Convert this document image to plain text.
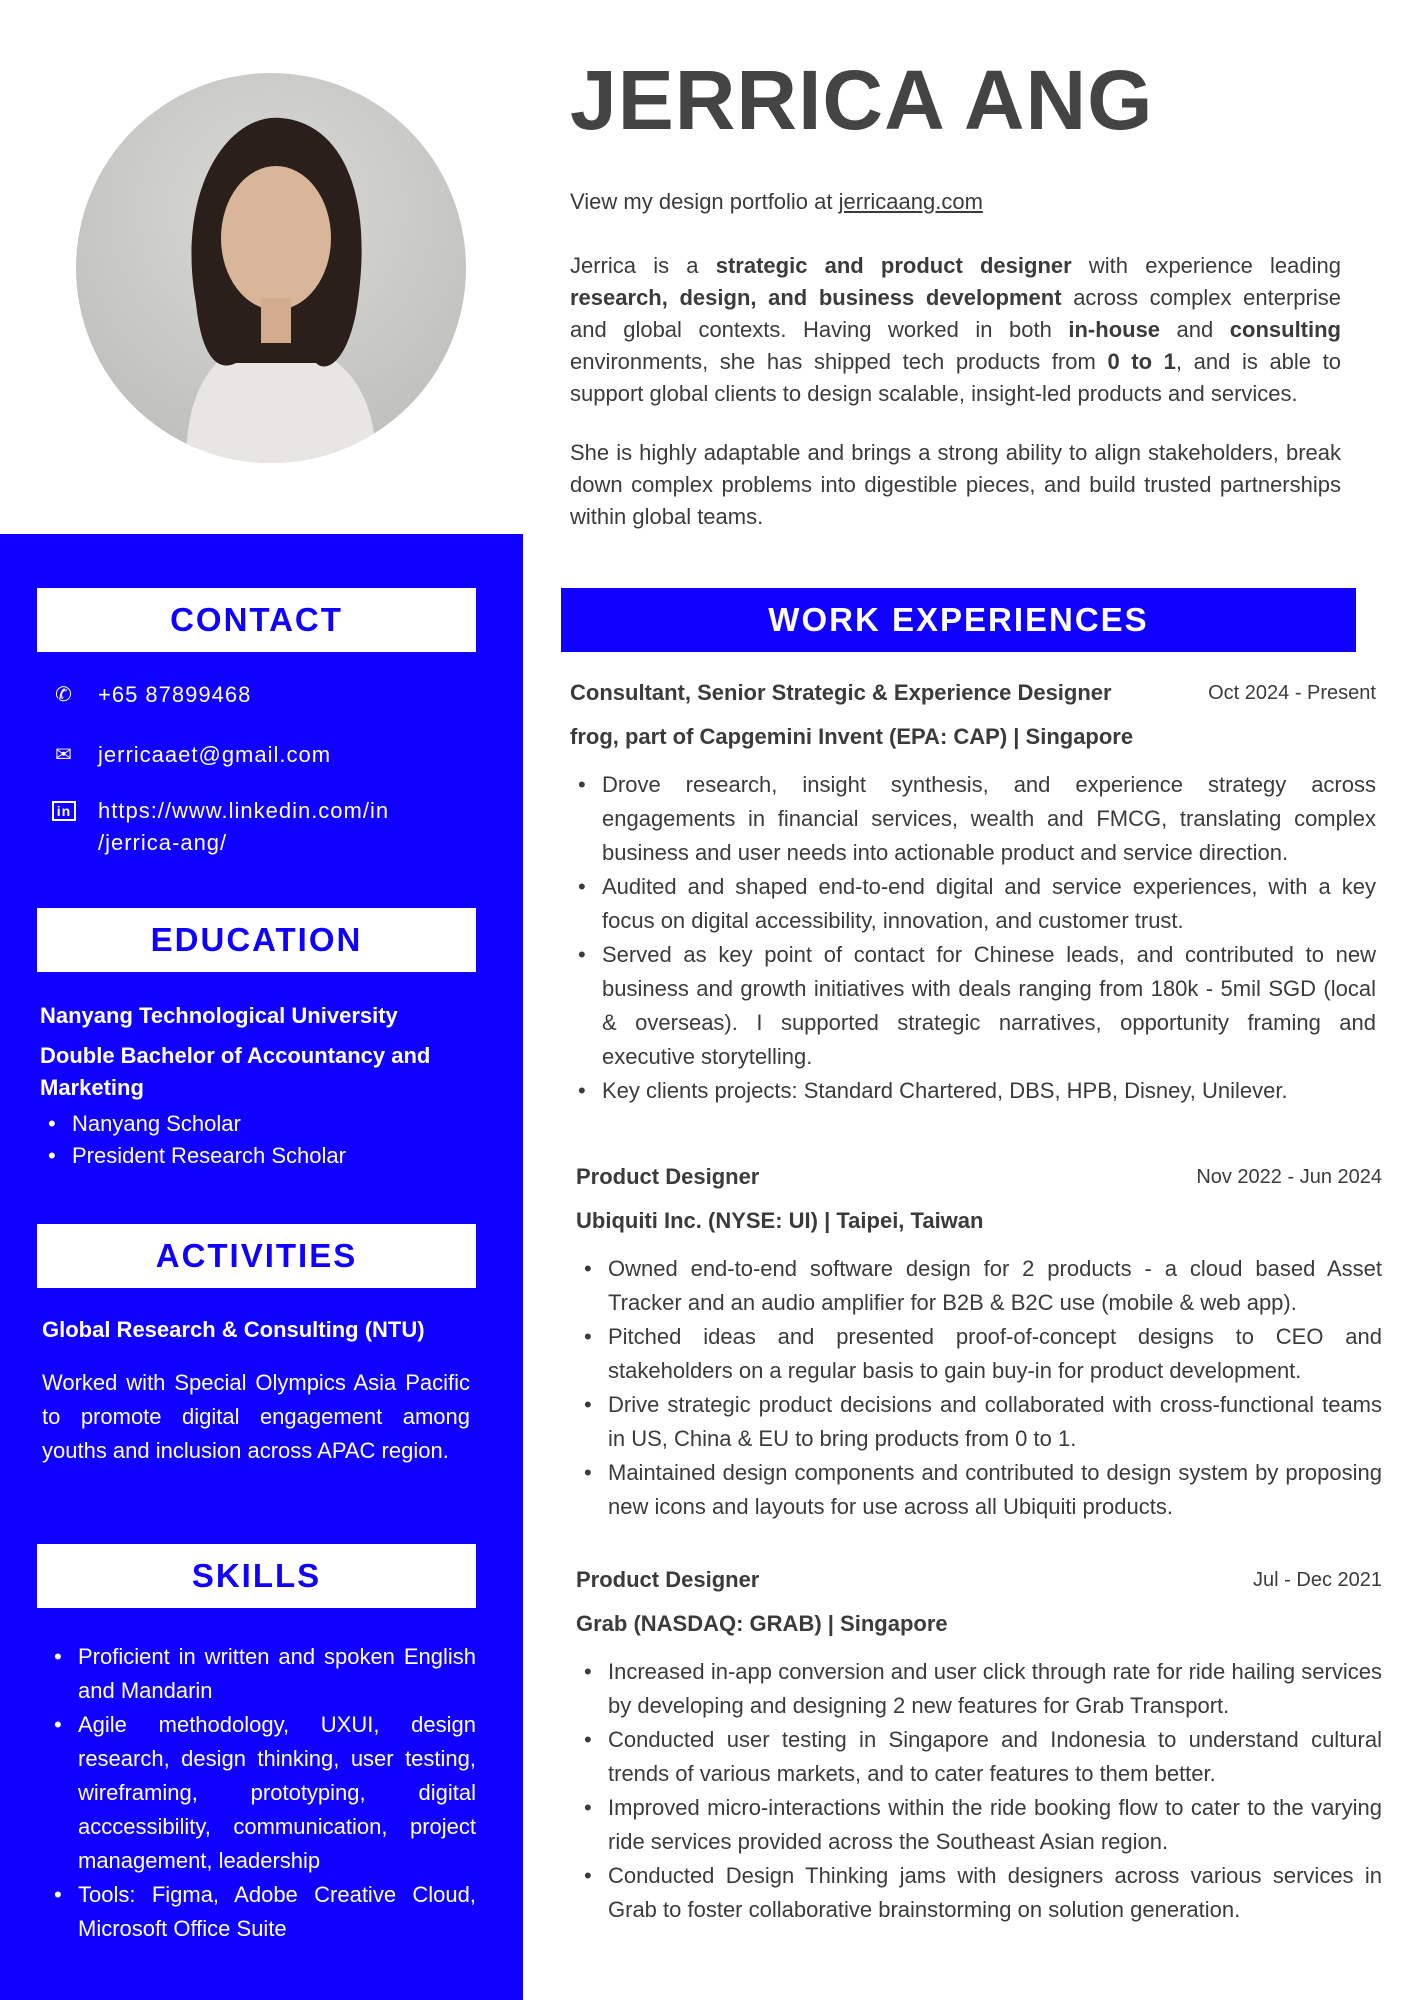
JERRICA ANG
View my design portfolio at jerricaang.com

Jerrica is a strategic and product designer with experience leading research, design, and business development across complex enterprise and global contexts. Having worked in both in-house and consulting environments, she has shipped tech products from 0 to 1, and is able to support global clients to design scalable, insight-led products and services.

She is highly adaptable and brings a strong ability to align stakeholders, break down complex problems into digestible pieces, and build trusted partnerships within global teams.

CONTACT
✆ +65 87899468
✉ jerricaaet@gmail.com
in https://www.linkedin.com/in
/jerrica-ang/
EDUCATION
Nanyang Technological University
Double Bachelor of Accountancy and Marketing
• Nanyang Scholar
• President Research Scholar
ACTIVITIES
Global Research & Consulting (NTU)
Worked with Special Olympics Asia Pacific to promote digital engagement among youths and inclusion across APAC region.
SKILLS
• Proficient in written and spoken English and Mandarin
• Agile methodology, UXUI, design research, design thinking, user testing, wireframing, prototyping, digital acccessibility, communication, project management, leadership
• Tools: Figma, Adobe Creative Cloud, Microsoft Office Suite
WORK EXPERIENCES
Consultant, Senior Strategic & Experience Designer	Oct 2024 - Present
frog, part of Capgemini Invent (EPA: CAP) | Singapore
• Drove research, insight synthesis, and experience strategy across engagements in financial services, wealth and FMCG, translating complex business and user needs into actionable product and service direction.
• Audited and shaped end-to-end digital and service experiences, with a key focus on digital accessibility, innovation, and customer trust.
• Served as key point of contact for Chinese leads, and contributed to new business and growth initiatives with deals ranging from 180k - 5mil SGD (local & overseas). I supported strategic narratives, opportunity framing and executive storytelling.
• Key clients projects: Standard Chartered, DBS, HPB, Disney, Unilever.
Product Designer	Nov 2022 - Jun 2024
Ubiquiti Inc. (NYSE: UI) | Taipei, Taiwan
• Owned end-to-end software design for 2 products - a cloud based Asset Tracker and an audio amplifier for B2B & B2C use (mobile & web app).
• Pitched ideas and presented proof-of-concept designs to CEO and stakeholders on a regular basis to gain buy-in for product development.
• Drive strategic product decisions and collaborated with cross-functional teams in US, China & EU to bring products from 0 to 1.
• Maintained design components and contributed to design system by proposing new icons and layouts for use across all Ubiquiti products.
Product Designer	Jul - Dec 2021
Grab (NASDAQ: GRAB) | Singapore
• Increased in-app conversion and user click through rate for ride hailing services by developing and designing 2 new features for Grab Transport.
• Conducted user testing in Singapore and Indonesia to understand cultural trends of various markets, and to cater features to them better.
• Improved micro-interactions within the ride booking flow to cater to the varying ride services provided across the Southeast Asian region.
• Conducted Design Thinking jams with designers across various services in Grab to foster collaborative brainstorming on solution generation.
